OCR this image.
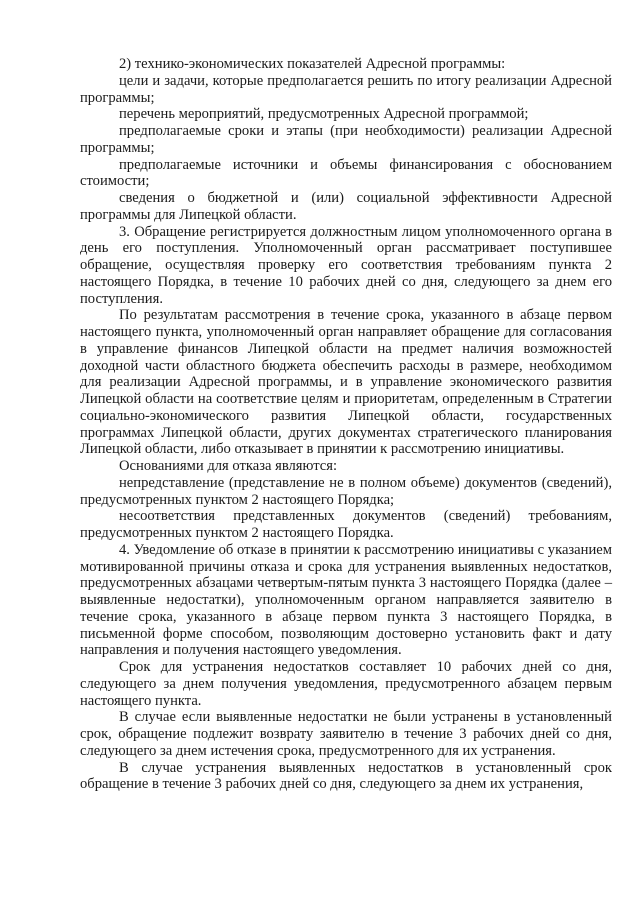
2) технико-экономических показателей Адресной программы:

цели и задачи, которые предполагается решить по итогу реализации Адресной программы;

перечень мероприятий, предусмотренных Адресной программой;

предполагаемые сроки и этапы (при необходимости) реализации Адресной программы;

предполагаемые источники и объемы финансирования с обоснованием стоимости;

сведения о бюджетной и (или) социальной эффективности Адресной программы для Липецкой области.

3. Обращение регистрируется должностным лицом уполномоченного органа в день его поступления. Уполномоченный орган рассматривает поступившее обращение, осуществляя проверку его соответствия требованиям пункта 2 настоящего Порядка, в течение 10 рабочих дней со дня, следующего за днем его поступления.

По результатам рассмотрения в течение срока, указанного в абзаце первом настоящего пункта, уполномоченный орган направляет обращение для согласования в управление финансов Липецкой области на предмет наличия возможностей доходной части областного бюджета обеспечить расходы в размере, необходимом для реализации Адресной программы, и в управление экономического развития Липецкой области на соответствие целям и приоритетам, определенным в Стратегии социально-экономического развития Липецкой области, государственных программах Липецкой области, других документах стратегического планирования Липецкой области, либо отказывает в принятии к рассмотрению инициативы.

Основаниями для отказа являются:

непредставление (представление не в полном объеме) документов (сведений), предусмотренных пунктом 2 настоящего Порядка;

несоответствия представленных документов (сведений) требованиям, предусмотренных пунктом 2 настоящего Порядка.

4. Уведомление об отказе в принятии к рассмотрению инициативы с указанием мотивированной причины отказа и срока для устранения выявленных недостатков, предусмотренных абзацами четвертым-пятым пункта 3 настоящего Порядка (далее – выявленные недостатки), уполномоченным органом направляется заявителю в течение срока, указанного в абзаце первом пункта 3 настоящего Порядка, в письменной форме способом, позволяющим достоверно установить факт и дату направления и получения настоящего уведомления.

Срок для устранения недостатков составляет 10 рабочих дней со дня, следующего за днем получения уведомления, предусмотренного абзацем первым настоящего пункта.

В случае если выявленные недостатки не были устранены в установленный срок, обращение подлежит возврату заявителю в течение 3 рабочих дней со дня, следующего за днем истечения срока, предусмотренного для их устранения.

В случае устранения выявленных недостатков в установленный срок обращение в течение 3 рабочих дней со дня, следующего за днем их устранения,
